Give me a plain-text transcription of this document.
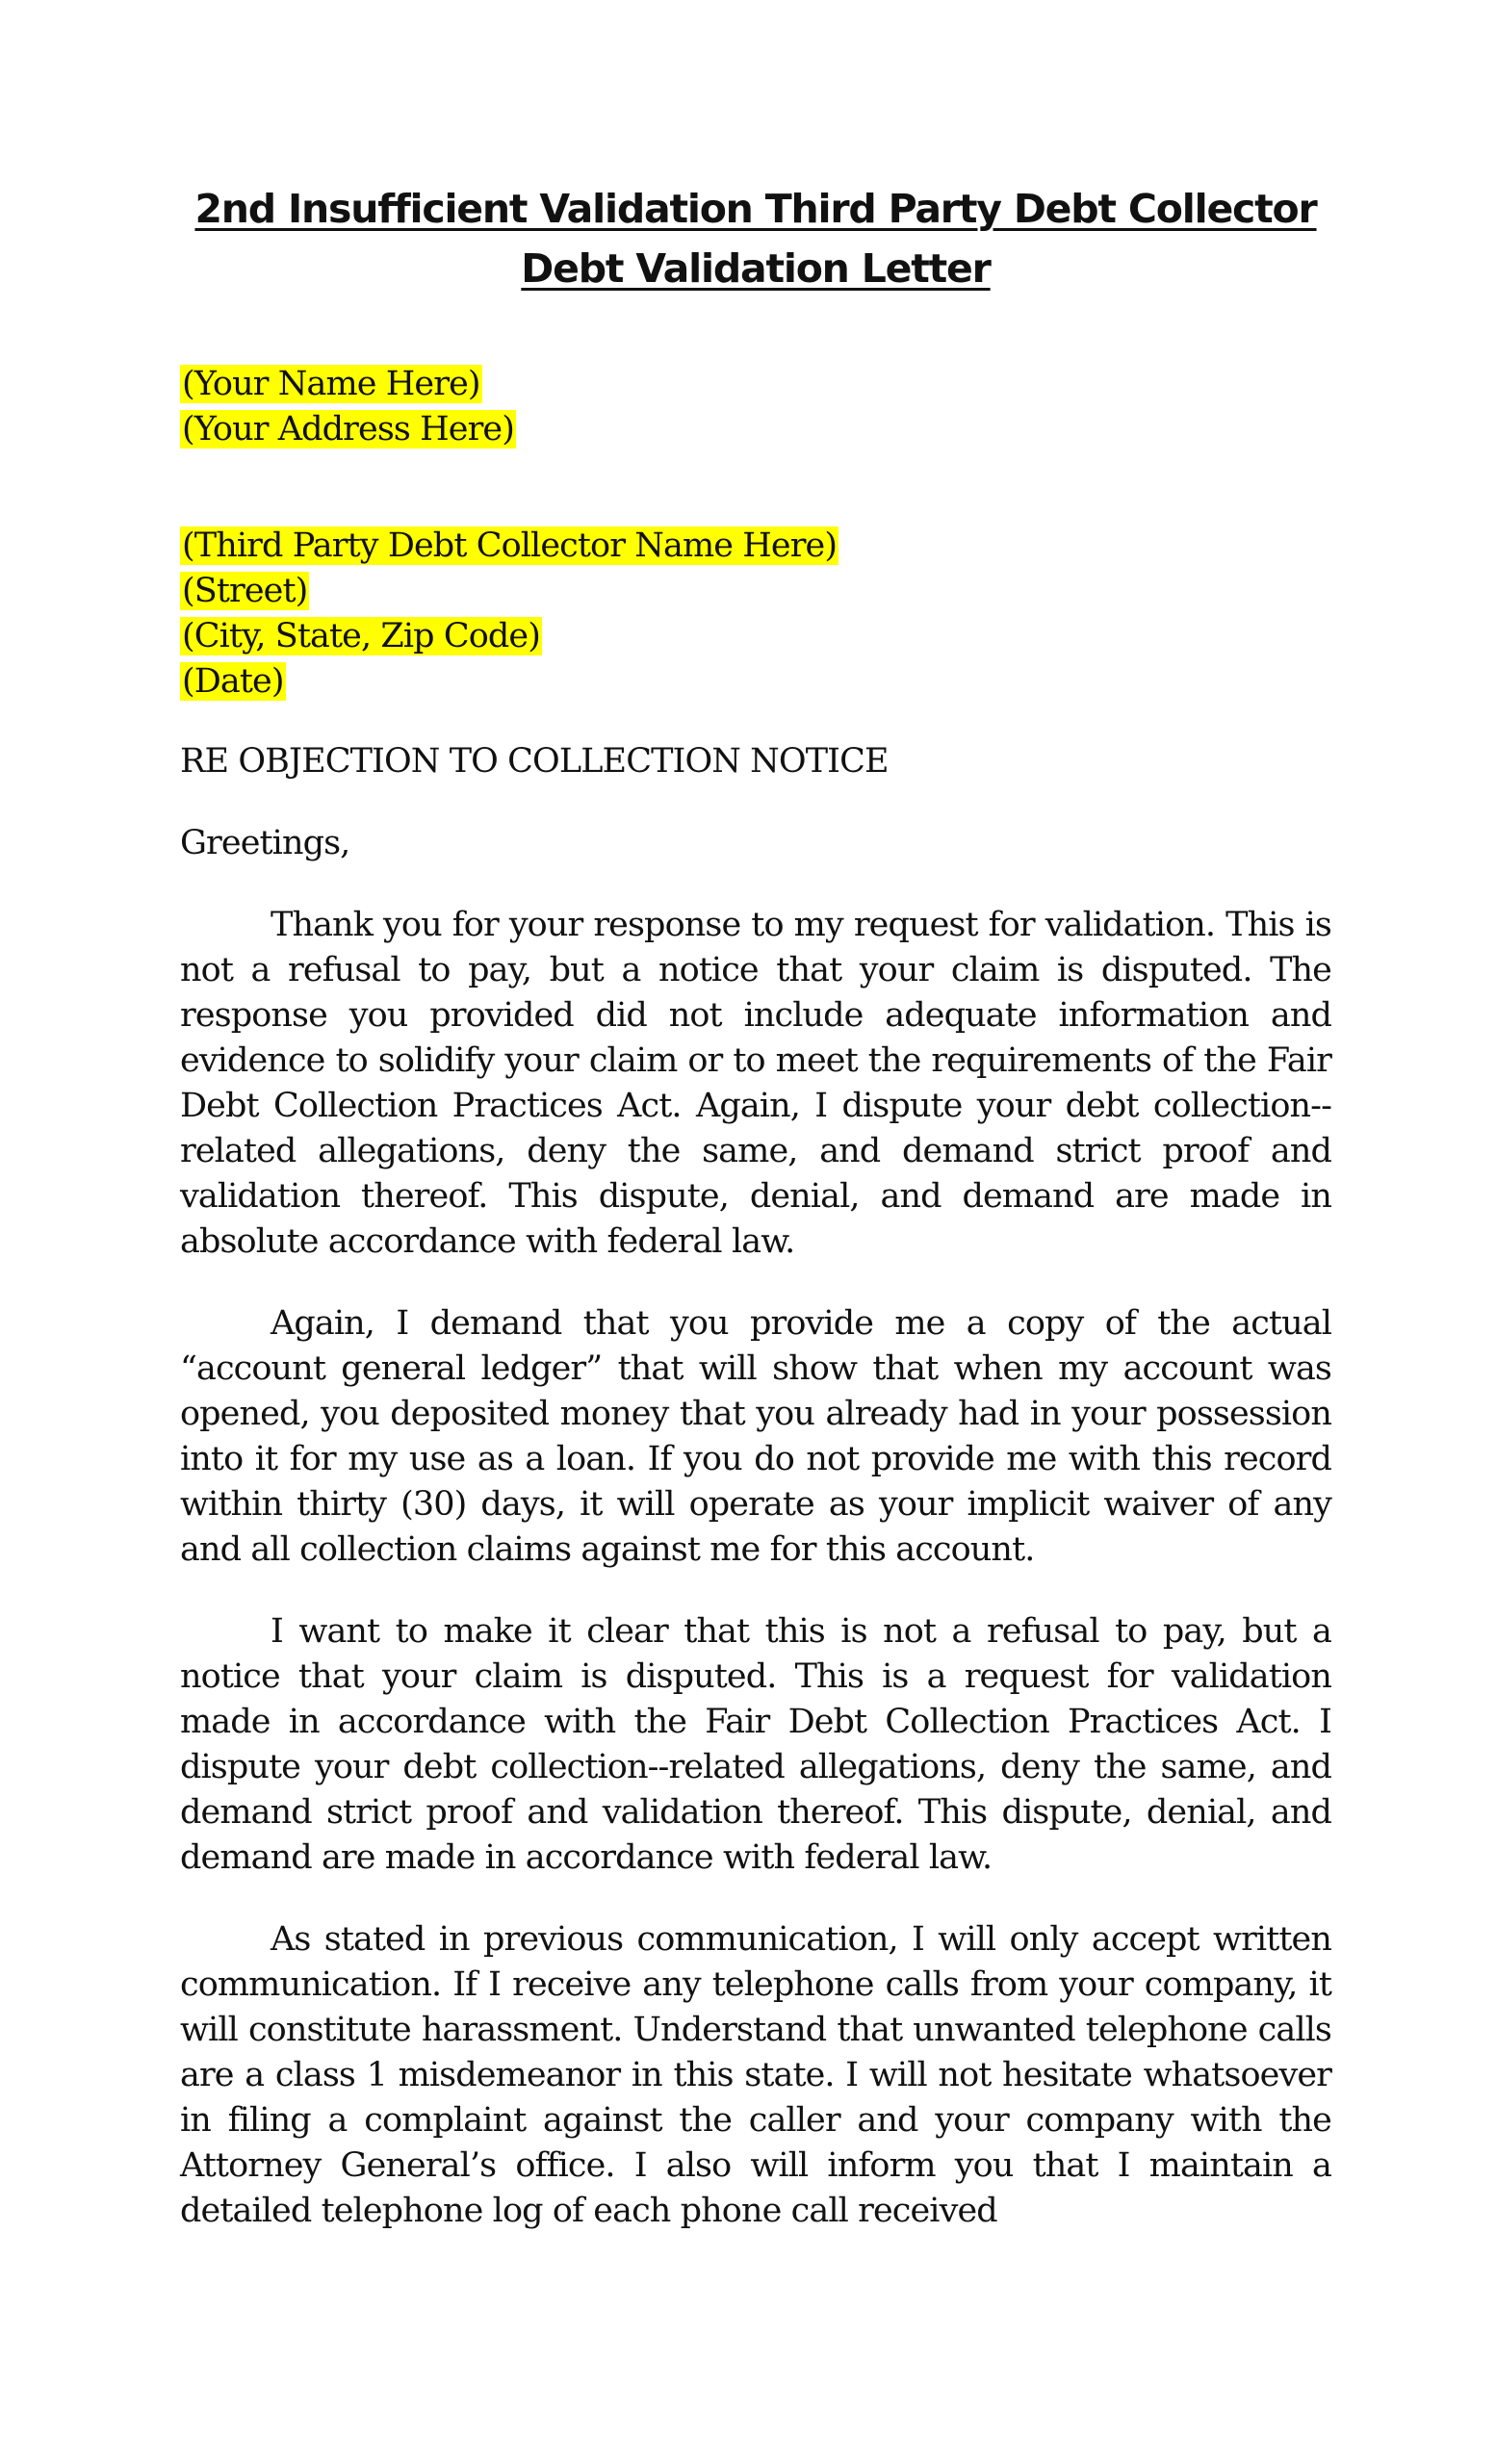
2nd Insufficient Validation Third Party Debt Collector
Debt Validation Letter
(Your Name Here)
(Your Address Here)
(Third Party Debt Collector Name Here)
(Street)
(City, State, Zip Code)
(Date)

RE OBJECTION TO COLLECTION NOTICE

Greetings,

Thank you for your response to my request for validation. This is not a refusal to pay, but a notice that your claim is disputed. The response you provided did not include adequate information and evidence to solidify your claim or to meet the requirements of the Fair Debt Collection Practices Act. Again, I dispute your debt collection--related allegations, deny the same, and demand strict proof and validation thereof. This dispute, denial, and demand are made in absolute accordance with federal law.

Again, I demand that you provide me a copy of the actual “account general ledger” that will show that when my account was opened, you deposited money that you already had in your possession into it for my use as a loan. If you do not provide me with this record within thirty (30) days, it will operate as your implicit waiver of any and all collection claims against me for this account.

I want to make it clear that this is not a refusal to pay, but a notice that your claim is disputed. This is a request for validation made in accordance with the Fair Debt Collection Practices Act. I dispute your debt collection--related allegations, deny the same, and demand strict proof and validation thereof. This dispute, denial, and demand are made in accordance with federal law.

As stated in previous communication, I will only accept written communication. If I receive any telephone calls from your company, it will constitute harassment. Understand that unwanted telephone calls are a class 1 misdemeanor in this state. I will not hesitate whatsoever in filing a complaint against the caller and your company with the Attorney General’s office. I also will inform you that I maintain a detailed telephone log of each phone call received
